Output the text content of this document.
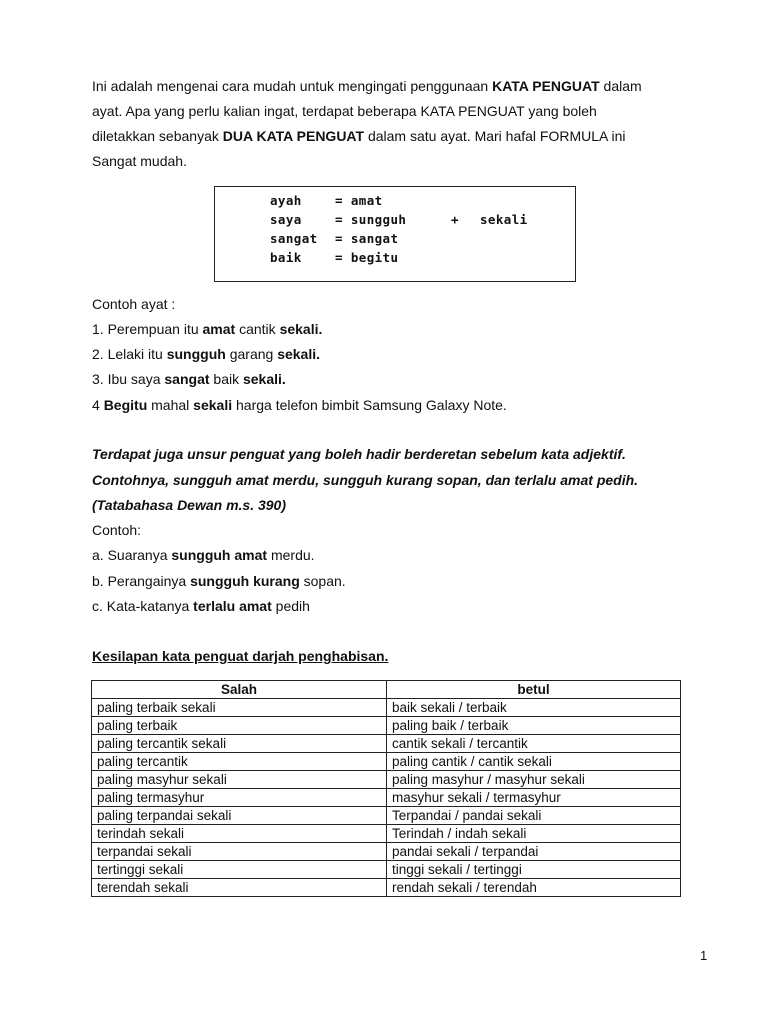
Ini adalah mengenai cara mudah untuk mengingati penggunaan KATA PENGUAT dalam
ayat. Apa yang perlu kalian ingat, terdapat beberapa KATA PENGUAT yang boleh
diletakkan sebanyak DUA KATA PENGUAT dalam satu ayat. Mari hafal FORMULA ini
Sangat mudah.
ayah	= amat
saya	= sungguh	+ sekali
sangat = sangat
baik	= begitu
Contoh ayat :
1. Perempuan itu amat cantik sekali.
2. Lelaki itu sungguh garang sekali.
3. Ibu saya sangat baik sekali.
4 Begitu mahal sekali harga telefon bimbit Samsung Galaxy Note.
Terdapat juga unsur penguat yang boleh hadir berderetan sebelum kata adjektif.
Contohnya, sungguh amat merdu, sungguh kurang sopan, dan terlalu amat pedih.
(Tatabahasa Dewan m.s. 390)
Contoh:
a. Suaranya sungguh amat merdu.
b. Perangainya sungguh kurang sopan.
c. Kata-katanya terlalu amat pedih
Kesilapan kata penguat darjah penghabisan.
Salah	betul
paling terbaik sekali	baik sekali / terbaik
paling terbaik	paling baik / terbaik
paling tercantik sekali	cantik sekali / tercantik
paling tercantik	paling cantik / cantik sekali
paling masyhur sekali	paling masyhur / masyhur sekali
paling termasyhur	masyhur sekali / termasyhur
paling terpandai sekali	Terpandai / pandai sekali
terindah sekali	Terindah / indah sekali
terpandai sekali	pandai sekali / terpandai
tertinggi sekali	tinggi sekali / tertinggi
terendah sekali	rendah sekali / terendah
1
